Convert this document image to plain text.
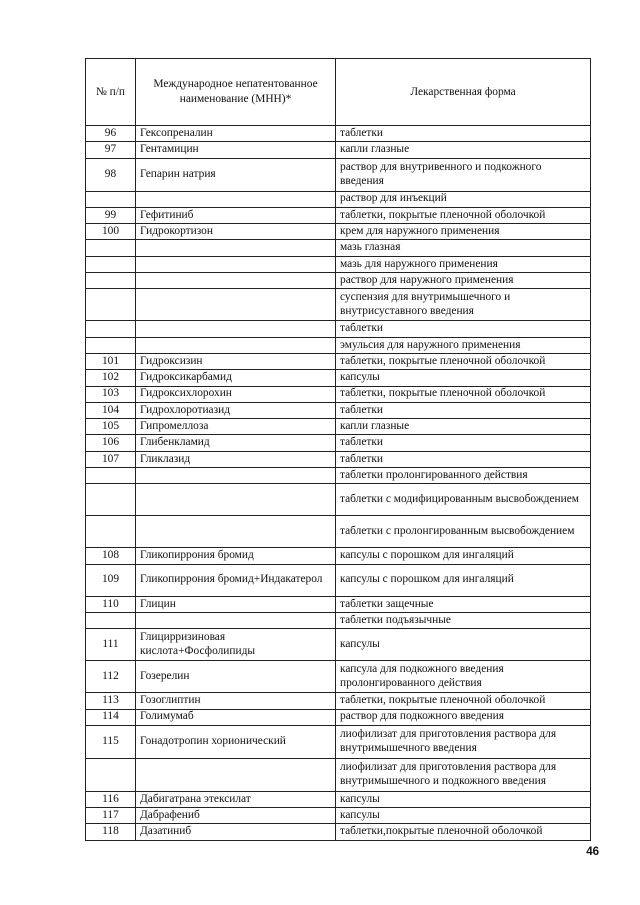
№ п/п	Международное непатентованное наименование (МНН)*	Лекарственная форма
96	Гексопреналин	таблетки
97	Гентамицин	капли глазные
98	Гепарин натрия	раствор для внутривенного и подкожного введения
		раствор для инъекций
99	Гефитиниб	таблетки, покрытые пленочной оболочкой
100	Гидрокортизон	крем для наружного применения
		мазь глазная
		мазь для наружного применения
		раствор для наружного применения
		суспензия для внутримышечного и внутрисуставного введения
		таблетки
		эмульсия для наружного применения
101	Гидроксизин	таблетки, покрытые пленочной оболочкой
102	Гидроксикарбамид	капсулы
103	Гидроксихлорохин	таблетки, покрытые пленочной оболочкой
104	Гидрохлоротиазид	таблетки
105	Гипромеллоза	капли глазные
106	Глибенкламид	таблетки
107	Гликлазид	таблетки
		таблетки пролонгированного действия
		таблетки с модифицированным высвобождением
		таблетки с пролонгированным высвобождением
108	Гликопиррония бромид	капсулы с порошком для ингаляций
109	Гликопиррония бромид+Индакатерол	капсулы с порошком для ингаляций
110	Глицин	таблетки защечные
		таблетки подъязычные
111	Глицирризиновая кислота+Фосфолипиды	капсулы
112	Гозерелин	капсула для подкожного введения пролонгированного действия
113	Гозоглиптин	таблетки, покрытые пленочной оболочкой
114	Голимумаб	раствор для подкожного введения
115	Гонадотропин хорионический	лиофилизат для приготовления раствора для внутримышечного введения
		лиофилизат для приготовления раствора для внутримышечного и подкожного введения
116	Дабигатрана этексилат	капсулы
117	Дабрафениб	капсулы
118	Дазатиниб	таблетки,покрытые пленочной оболочкой
46
